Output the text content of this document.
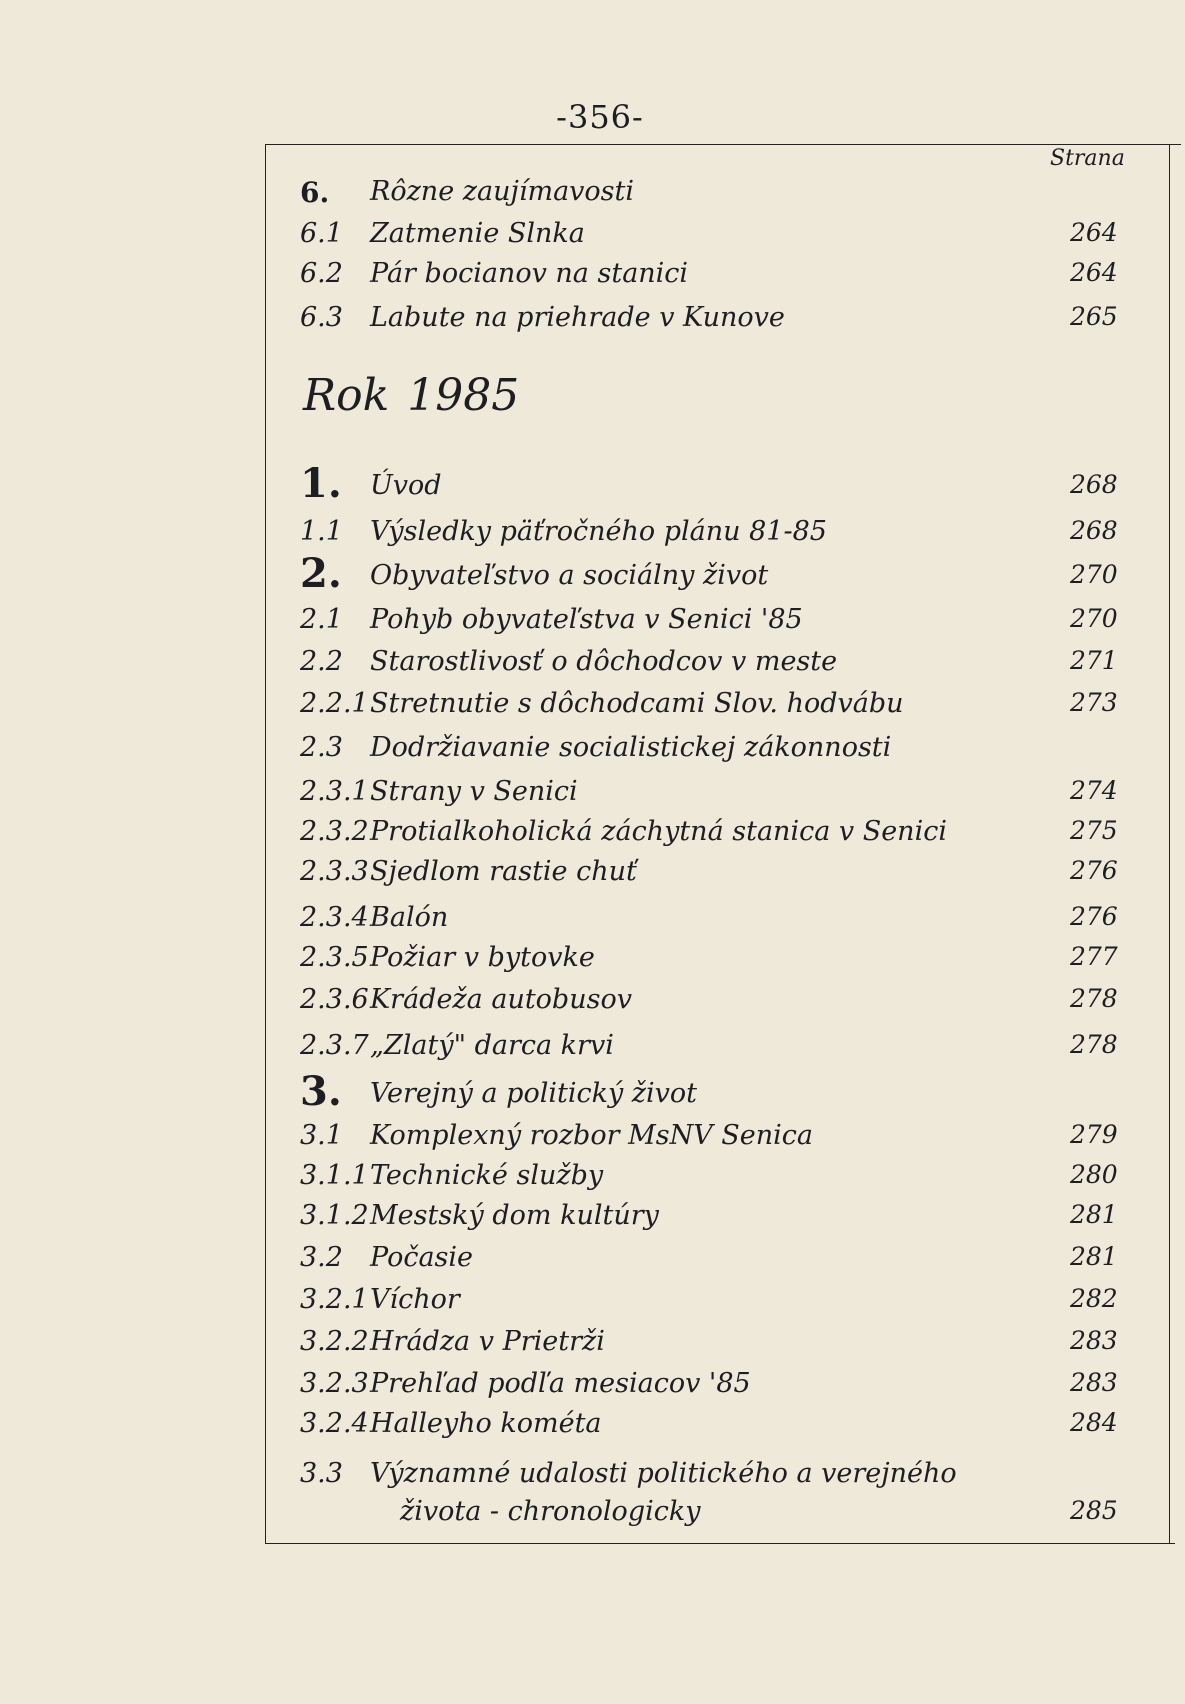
-356-
Strana
6. Rôzne zaujímavosti
6.1 Zatmenie Slnka	264
6.2 Pár bocianov na stanici	264
6.3 Labute na priehrade v Kunove	265
Rok 1985
1. Úvod	268
1.1 Výsledky päťročného plánu 81-85	268
2. Obyvateľstvo a sociálny život	270
2.1 Pohyb obyvateľstva v Senici '85	270
2.2 Starostlivosť o dôchodcov v meste	271
2.2.1 Stretnutie s dôchodcami Slov. hodvábu	273
2.3 Dodržiavanie socialistickej zákonnosti
2.3.1 Strany v Senici	274
2.3.2 Protialkoholická záchytná stanica v Senici	275
2.3.3 Sjedlom rastie chuť	276
2.3.4 Balón	276
2.3.5 Požiar v bytovke	277
2.3.6 Krádeža autobusov	278
2.3.7 „Zlatý" darca krvi	278
3. Verejný a politický život
3.1 Komplexný rozbor MsNV Senica	279
3.1.1 Technické služby	280
3.1.2 Mestský dom kultúry	281
3.2 Počasie	281
3.2.1 Víchor	282
3.2.2 Hrádza v Prietrži	283
3.2.3 Prehľad podľa mesiacov '85	283
3.2.4 Halleyho kométa	284
3.3 Významné udalosti politického a verejného
života - chronologicky	285
